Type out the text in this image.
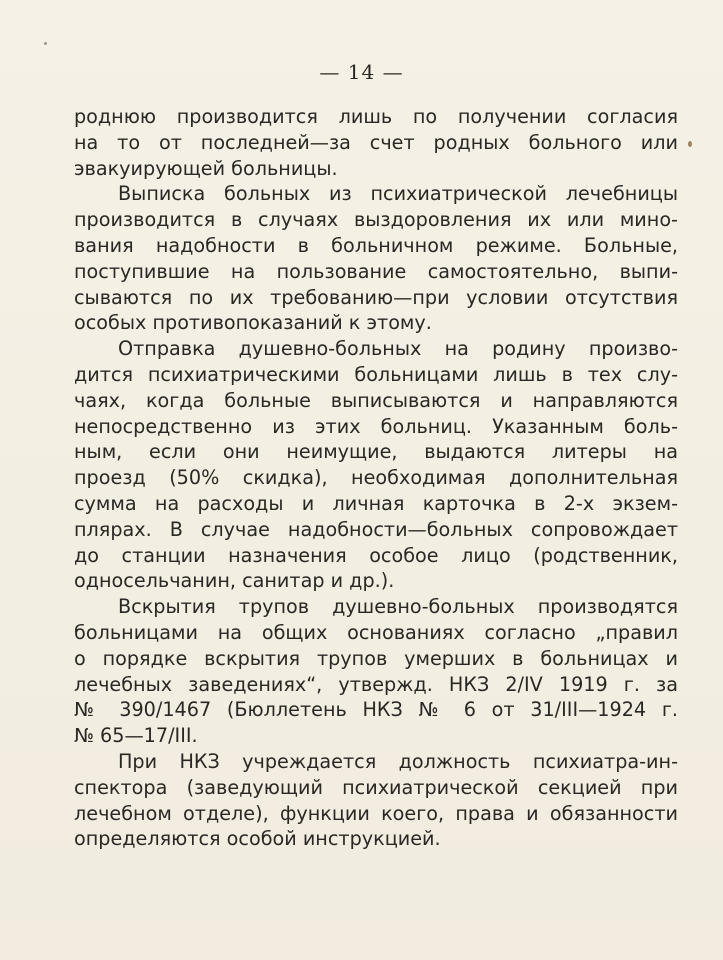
— 14 —
роднюю производится лишь по получении согласия
на то от последней—за счет родных больного или
эвакуирующей больницы.
Выписка больных из психиатрической лечебницы
производится в случаях выздоровления их или мино-
вания надобности в больничном режиме. Больные,
поступившие на пользование самостоятельно, выпи-
сываются по их требованию—при условии отсутствия
особых противопоказаний к этому.
Отправка душевно-больных на родину произво-
дится психиатрическими больницами лишь в тех слу-
чаях, когда больные выписываются и направляются
непосредственно из этих больниц. Указанным боль-
ным, если они неимущие, выдаются литеры на
проезд (50% скидка), необходимая дополнительная
сумма на расходы и личная карточка в 2-х экзем-
плярах. В случае надобности—больных сопровождает
до станции назначения особое лицо (родственник,
односельчанин, санитар и др.).
Вскрытия трупов душевно-больных производятся
больницами на общих основаниях согласно „правил
о порядке вскрытия трупов умерших в больницах и
лечебных заведениях“, утвержд. НКЗ 2/IV 1919 г. за
№ 390/1467 (Бюллетень НКЗ № 6 от 31/III—1924 г.
№ 65—17/III.
При НКЗ учреждается должность психиатра-ин-
спектора (заведующий психиатрической секцией при
лечебном отделе), функции коего, права и обязанности
определяются особой инструкцией.
